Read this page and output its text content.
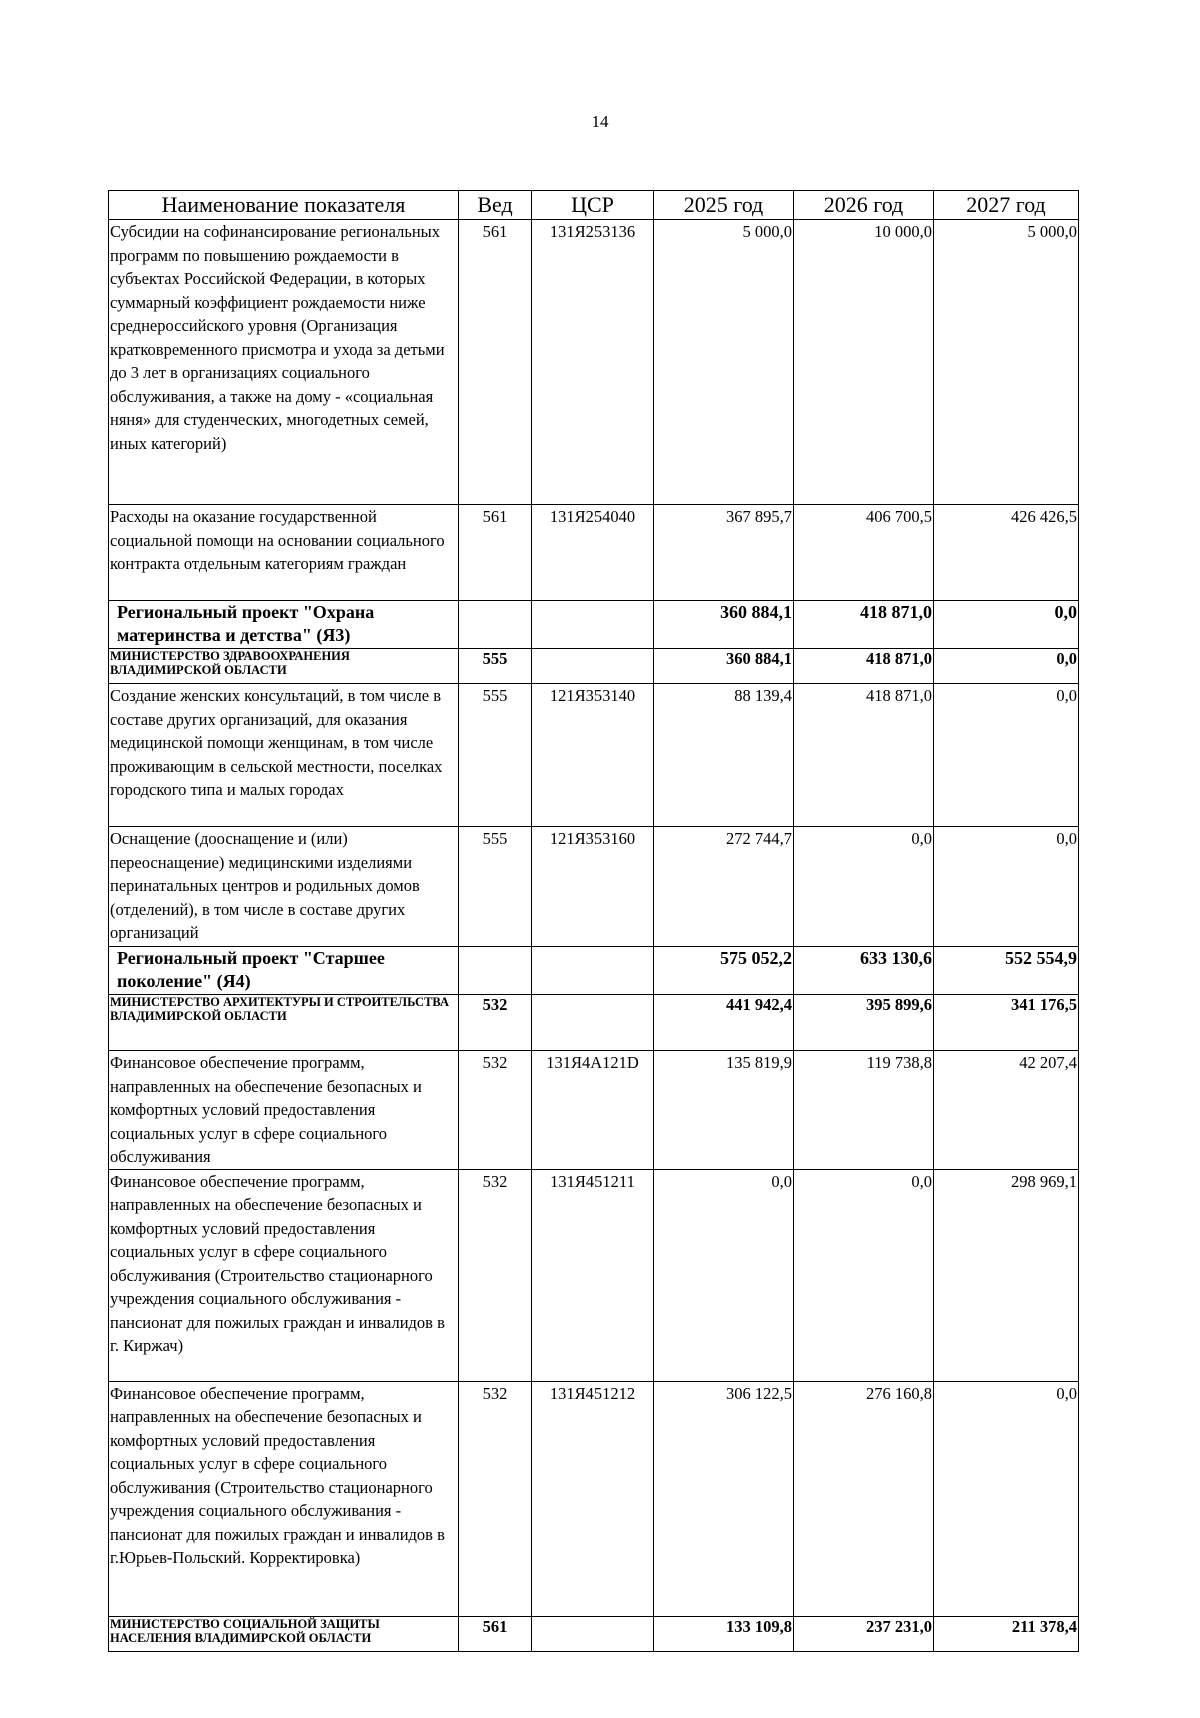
14
Наименование показателя	Вед	ЦСР	2025 год	2026 год	2027 год
Субсидии на софинансирование региональных программ по повышению рождаемости в субъектах Российской Федерации, в которых суммарный коэффициент рождаемости ниже среднероссийского уровня (Организация кратковременного присмотра и ухода за детьми до 3 лет в организациях социального обслуживания, а также на дому - «социальная няня» для студенческих, многодетных семей, иных категорий)	561	131Я253136	5 000,0	10 000,0	5 000,0
Расходы на оказание государственной социальной помощи на основании социального контракта отдельным категориям граждан	561	131Я254040	367 895,7	406 700,5	426 426,5
Региональный проект "Охрана материнства и детства" (Я3)			360 884,1	418 871,0	0,0
МИНИСТЕРСТВО ЗДРАВООХРАНЕНИЯ ВЛАДИМИРСКОЙ ОБЛАСТИ	555		360 884,1	418 871,0	0,0
Создание женских консультаций, в том числе в составе других организаций, для оказания медицинской помощи женщинам, в том числе проживающим в сельской местности, поселках городского типа и малых городах	555	121Я353140	88 139,4	418 871,0	0,0
Оснащение (дооснащение и (или) переоснащение) медицинскими изделиями перинатальных центров и родильных домов (отделений), в том числе в составе других организаций	555	121Я353160	272 744,7	0,0	0,0
Региональный проект "Старшее поколение" (Я4)			575 052,2	633 130,6	552 554,9
МИНИСТЕРСТВО АРХИТЕКТУРЫ И СТРОИТЕЛЬСТВА ВЛАДИМИРСКОЙ ОБЛАСТИ	532		441 942,4	395 899,6	341 176,5
Финансовое обеспечение программ, направленных на обеспечение безопасных и комфортных условий предоставления социальных услуг в сфере социального обслуживания	532	131Я4А121D	135 819,9	119 738,8	42 207,4
Финансовое обеспечение программ, направленных на обеспечение безопасных и комфортных условий предоставления социальных услуг в сфере социального обслуживания (Строительство стационарного учреждения социального обслуживания - пансионат для пожилых граждан и инвалидов в г. Киржач)	532	131Я451211	0,0	0,0	298 969,1
Финансовое обеспечение программ, направленных на обеспечение безопасных и комфортных условий предоставления социальных услуг в сфере социального обслуживания (Строительство стационарного учреждения социального обслуживания - пансионат для пожилых граждан и инвалидов в г.Юрьев-Польский. Корректировка)	532	131Я451212	306 122,5	276 160,8	0,0
МИНИСТЕРСТВО СОЦИАЛЬНОЙ ЗАЩИТЫ НАСЕЛЕНИЯ ВЛАДИМИРСКОЙ ОБЛАСТИ	561		133 109,8	237 231,0	211 378,4
